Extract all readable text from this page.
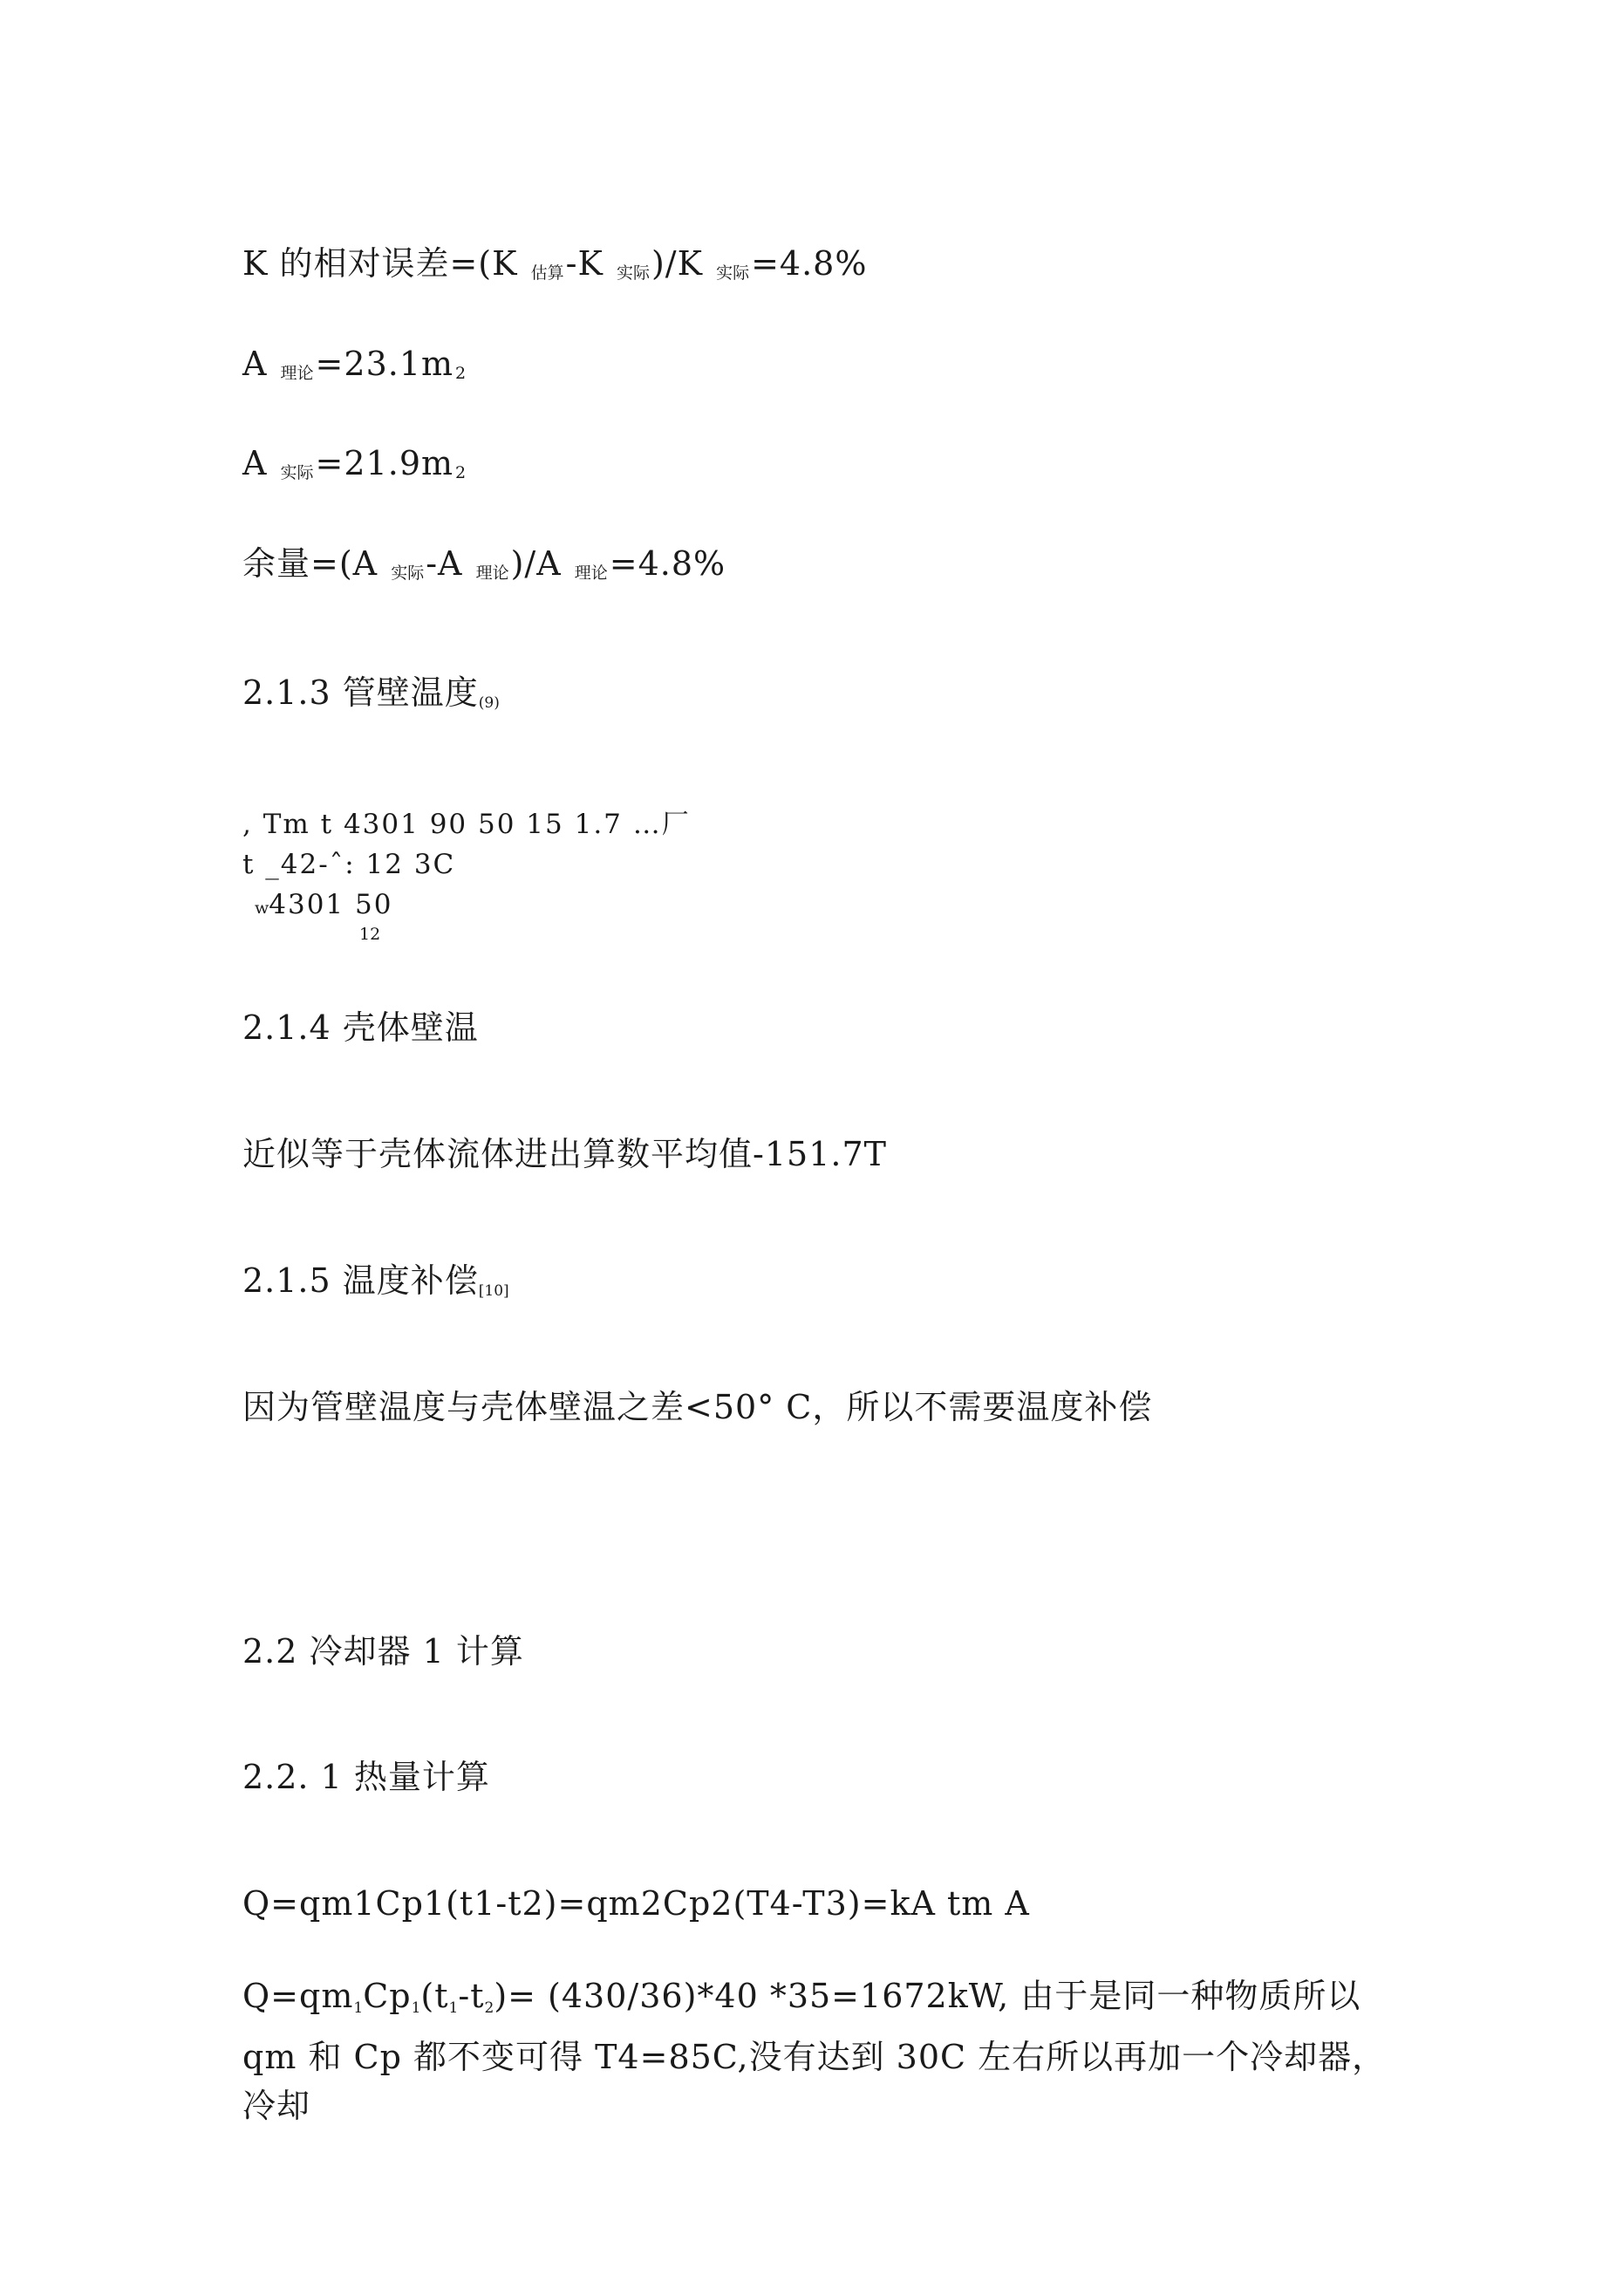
K 的相对误差=(K $_{估算}$-K $_{实际}$)/K $_{实际}$=4.8%
A $_{理论}$=23.1m $_2$
A $_{实际}$=21.9m $_2$
余量=(A $_{实际}$-A $_{理论}$)/A $_{理论}$=4.8%
2.1.3 管壁温度(9)
, Tm t 4301 90 50 15 1.7 …厂
t _42-ˆ: 12 3C
w4301 50
12
2.1.4 壳体壁温
近似等于壳体流体进出算数平均值-151.7T
2.1.5 温度补偿[10]
因为管壁温度与壳体壁温之差<50° C，所以不需要温度补偿
2.2 冷却器 1 计算
2.2. 1 热量计算
Q=qm1Cp1(t1-t2)=qm2Cp2(T4-T3)=kA tm A
Q=qm1Cp1(t1-t2)= (430/36)*40 *35=1672kW, 由于是同一种物质所以 qm 和 Cp 都不变可得 T4=85C,没有达到 30C 左右所以再加一个冷却器，冷却
